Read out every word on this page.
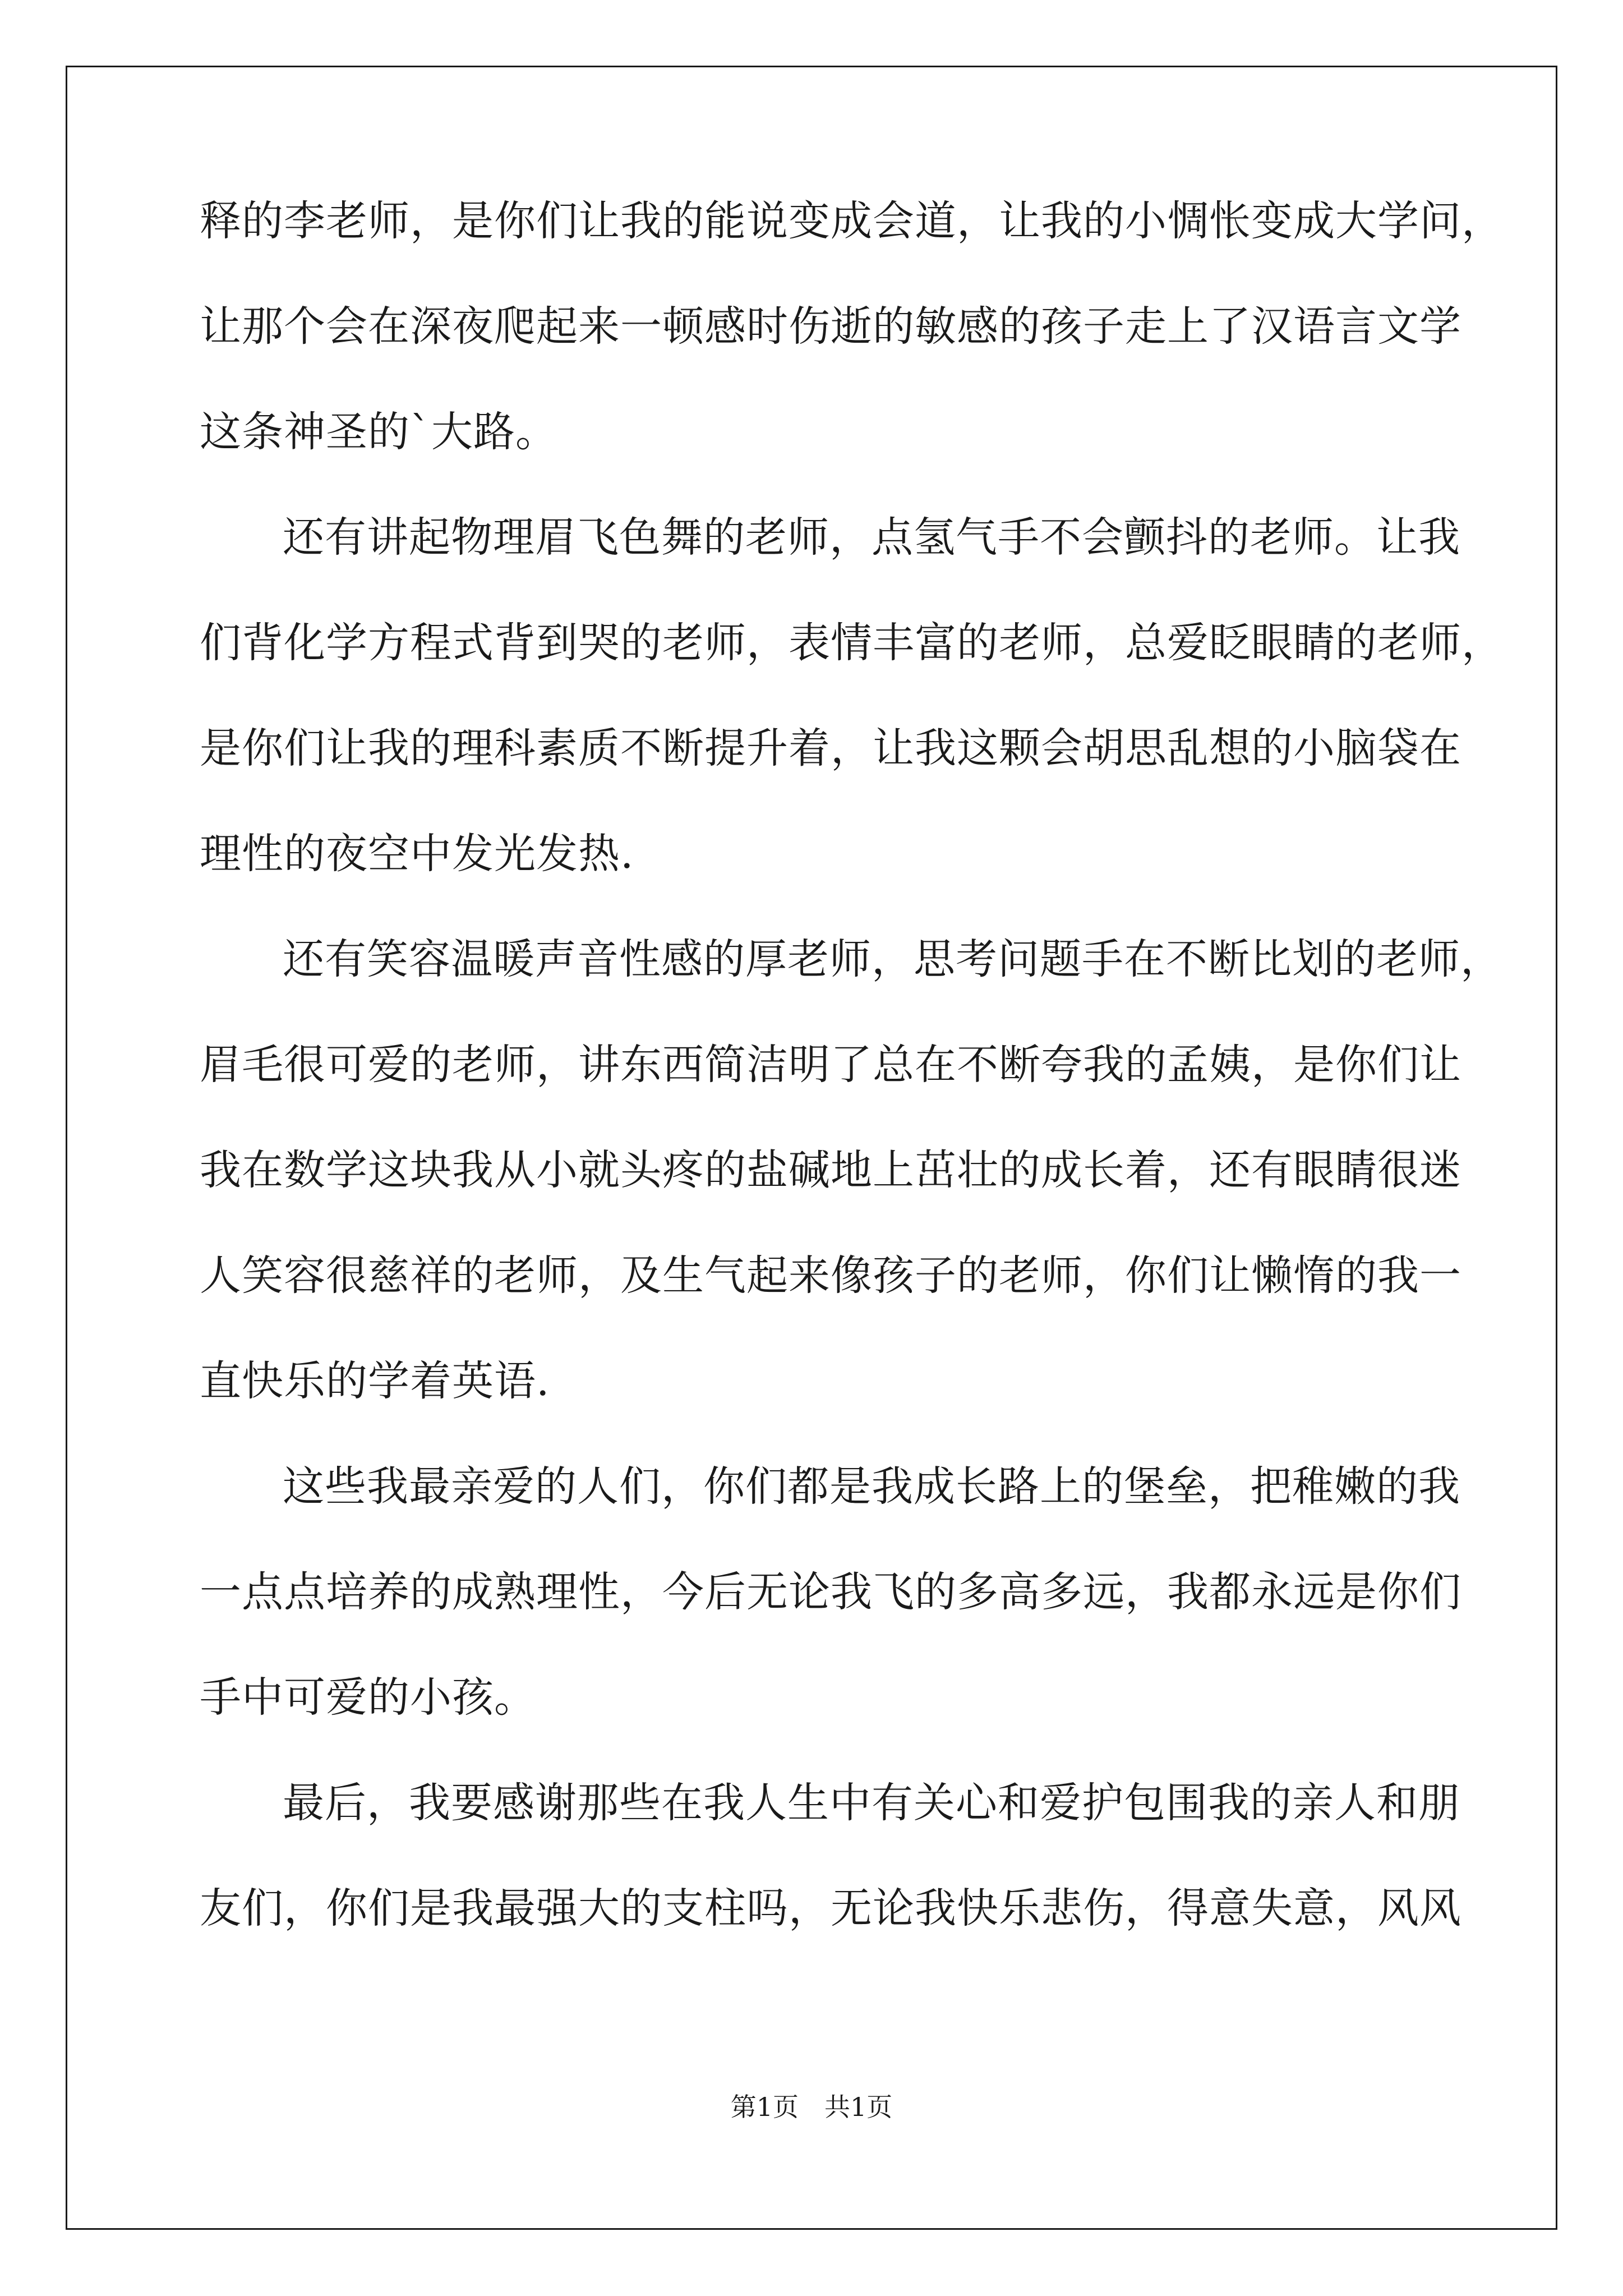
释的李老师，是你们让我的能说变成会道，让我的小惆怅变成大学问，
让那个会在深夜爬起来一顿感时伤逝的敏感的孩子走上了汉语言文学
这条神圣的`大路。
还有讲起物理眉飞色舞的老师，点氢气手不会颤抖的老师。让我
们背化学方程式背到哭的老师，表情丰富的老师，总爱眨眼睛的老师，
是你们让我的理科素质不断提升着，让我这颗会胡思乱想的小脑袋在
理性的夜空中发光发热.
还有笑容温暖声音性感的厚老师，思考问题手在不断比划的老师，
眉毛很可爱的老师，讲东西简洁明了总在不断夸我的孟姨，是你们让
我在数学这块我从小就头疼的盐碱地上茁壮的成长着，还有眼睛很迷
人笑容很慈祥的老师，及生气起来像孩子的老师，你们让懒惰的我一
直快乐的学着英语.
这些我最亲爱的人们，你们都是我成长路上的堡垒，把稚嫩的我
一点点培养的成熟理性，今后无论我飞的多高多远，我都永远是你们
手中可爱的小孩。
最后，我要感谢那些在我人生中有关心和爱护包围我的亲人和朋
友们，你们是我最强大的支柱吗，无论我快乐悲伤，得意失意，风风
第1页　共1页
